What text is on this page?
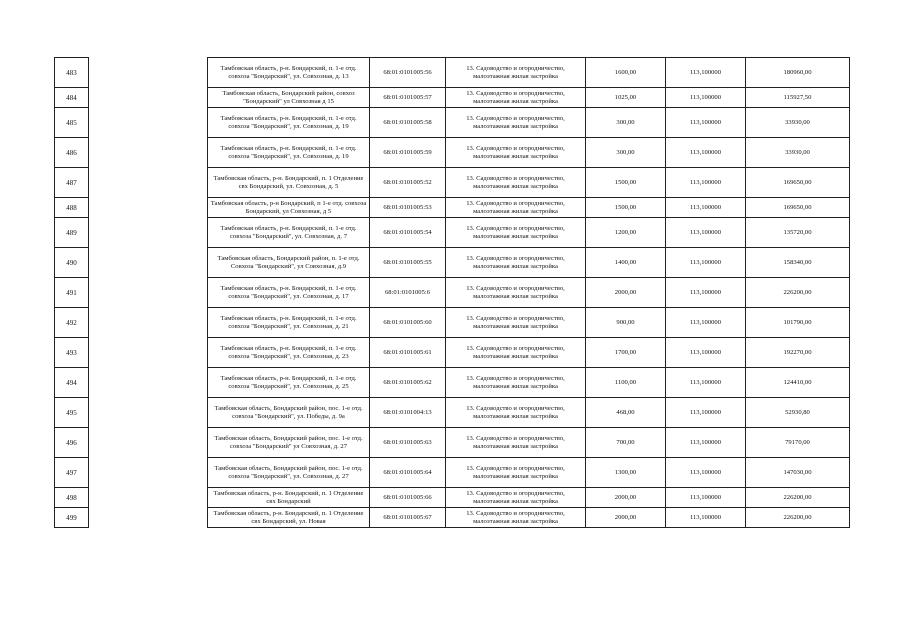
483		Тамбовская область, р-н. Бондарский, п. 1-е отд. совхоза "Бондарский", ул. Совхозная, д. 13	68:01:0101005:56	13. Садоводство и огородничество, малоэтажная жилая застройка	1600,00	113,100000	180960,00
484		Тамбовская область, Бондарский район, совхоз "Бондарский" ул Совхозная д 15	68:01:0101005:57	13. Садоводство и огородничество, малоэтажная жилая застройка	1025,00	113,100000	115927,50
485		Тамбовская область, р-н. Бондарский, п. 1-е отд. совхоза "Бондарский", ул. Совхозная, д. 19	68:01:0101005:58	13. Садоводство и огородничество, малоэтажная жилая застройка	300,00	113,100000	33930,00
486		Тамбовская область, р-н. Бондарский, п. 1-е отд. совхоза "Бондарский", ул. Совхозная, д. 19	68:01:0101005:59	13. Садоводство и огородничество, малоэтажная жилая застройка	300,00	113,100000	33930,00
487		Тамбовская область, р-н. Бондарский, п. 1 Отделение свх Бондарский, ул. Совхозная, д. 5	68:01:0101005:52	13. Садоводство и огородничество, малоэтажная жилая застройка	1500,00	113,100000	169650,00
488		Тамбовская область, р-н Бондарский, п 1-е отд. совхоза Бондарский, ул Совхозная, д 5	68:01:0101005:53	13. Садоводство и огородничество, малоэтажная жилая застройка	1500,00	113,100000	169650,00
489		Тамбовская область, р-н. Бондарский, п. 1-е отд. совхоза "Бондарский", ул. Совхозная, д. 7	68:01:0101005:54	13. Садоводство и огородничество, малоэтажная жилая застройка	1200,00	113,100000	135720,00
490		Тамбовская область, Бондарский район, п. 1-е отд. Совхоза "Бондарский", ул Совхозная, д.9	68:01:0101005:55	13. Садоводство и огородничество, малоэтажная жилая застройка	1400,00	113,100000	158340,00
491		Тамбовская область, р-н. Бондарский, п. 1-е отд. совхоза "Бондарский", ул. Совхозная, д. 17	68:01:0101005:6	13. Садоводство и огородничество, малоэтажная жилая застройка	2000,00	113,100000	226200,00
492		Тамбовская область, р-н. Бондарский, п. 1-е отд. совхоза "Бондарский", ул. Совхозная, д. 21	68:01:0101005:60	13. Садоводство и огородничество, малоэтажная жилая застройка	900,00	113,100000	101790,00
493		Тамбовская область, р-н. Бондарский, п. 1-е отд. совхоза "Бондарский", ул. Совхозная, д. 23	68:01:0101005:61	13. Садоводство и огородничество, малоэтажная жилая застройка	1700,00	113,100000	192270,00
494		Тамбовская область, р-н. Бондарский, п. 1-е отд. совхоза "Бондарский", ул. Совхозная, д. 25	68:01:0101005:62	13. Садоводство и огородничество, малоэтажная жилая застройка	1100,00	113,100000	124410,00
495		Тамбовская область, Бондарский район, пос. 1-е отд. совхоза "Бондарский", ул. Победы, д. 9а	68:01:0101004:13	13. Садоводство и огородничество, малоэтажная жилая застройка	468,00	113,100000	52930,80
496		Тамбовская область, Бондарский район, пос. 1-е отд. совхоза "Бондарский" ул Совхозная, д. 27	68:01:0101005:63	13. Садоводство и огородничество, малоэтажная жилая застройка	700,00	113,100000	79170,00
497		Тамбовская область, Бондарский район, пос. 1-е отд. совхоза "Бондарский", ул. Совхозная, д. 27	68:01:0101005:64	13. Садоводство и огородничество, малоэтажная жилая застройка	1300,00	113,100000	147030,00
498		Тамбовская область, р-н. Бондарский, п. 1 Отделение свх Бондарский	68:01:0101005:66	13. Садоводство и огородничество, малоэтажная жилая застройка	2000,00	113,100000	226200,00
499		Тамбовская область, р-н. Бондарский, п. 1 Отделение свх Бондарский, ул. Новая	68:01:0101005:67	13. Садоводство и огородничество, малоэтажная жилая застройка	2000,00	113,100000	226200,00
